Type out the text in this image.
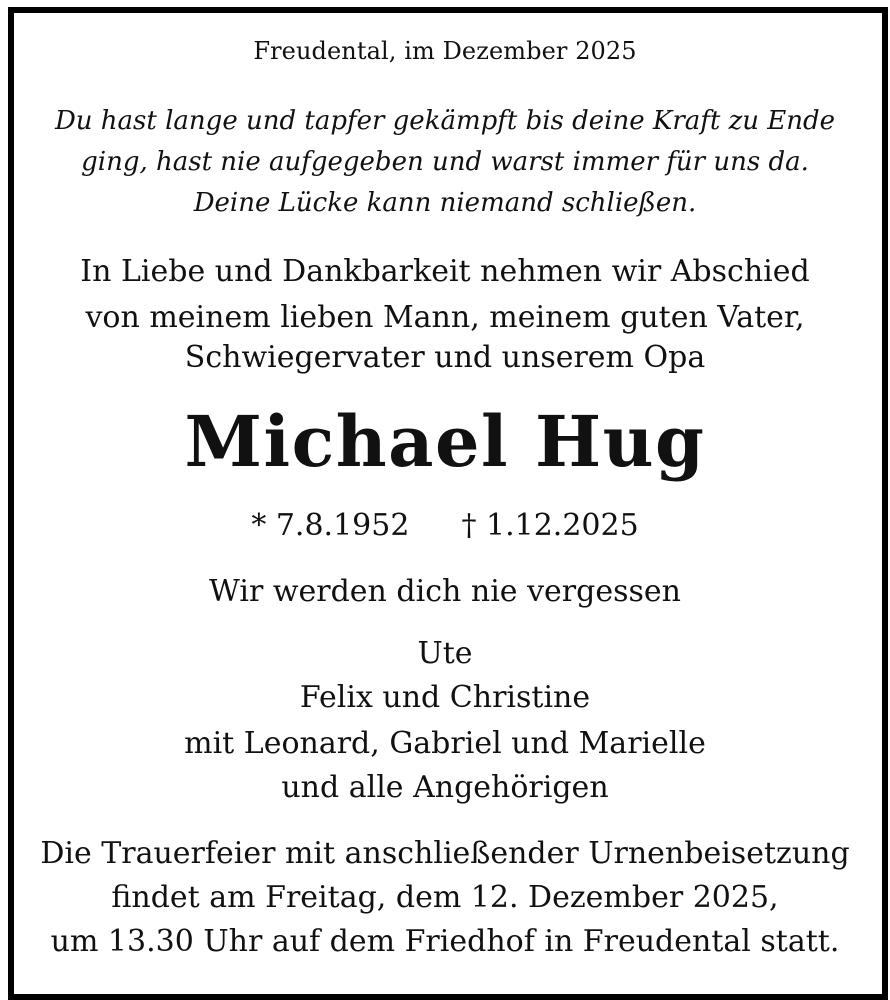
Freudental, im Dezember 2025

Du hast lange und tapfer gekämpft bis deine Kraft zu Ende

ging, hast nie aufgegeben und warst immer für uns da.

Deine Lücke kann niemand schließen.

In Liebe und Dankbarkeit nehmen wir Abschied

von meinem lieben Mann, meinem guten Vater,

Schwiegervater und unserem Opa

Michael Hug

* 7.8.1952 † 1.12.2025

Wir werden dich nie vergessen

Ute

Felix und Christine

mit Leonard, Gabriel und Marielle

und alle Angehörigen

Die Trauerfeier mit anschließender Urnenbeisetzung

findet am Freitag, dem 12. Dezember 2025,

um 13.30 Uhr auf dem Friedhof in Freudental statt.
